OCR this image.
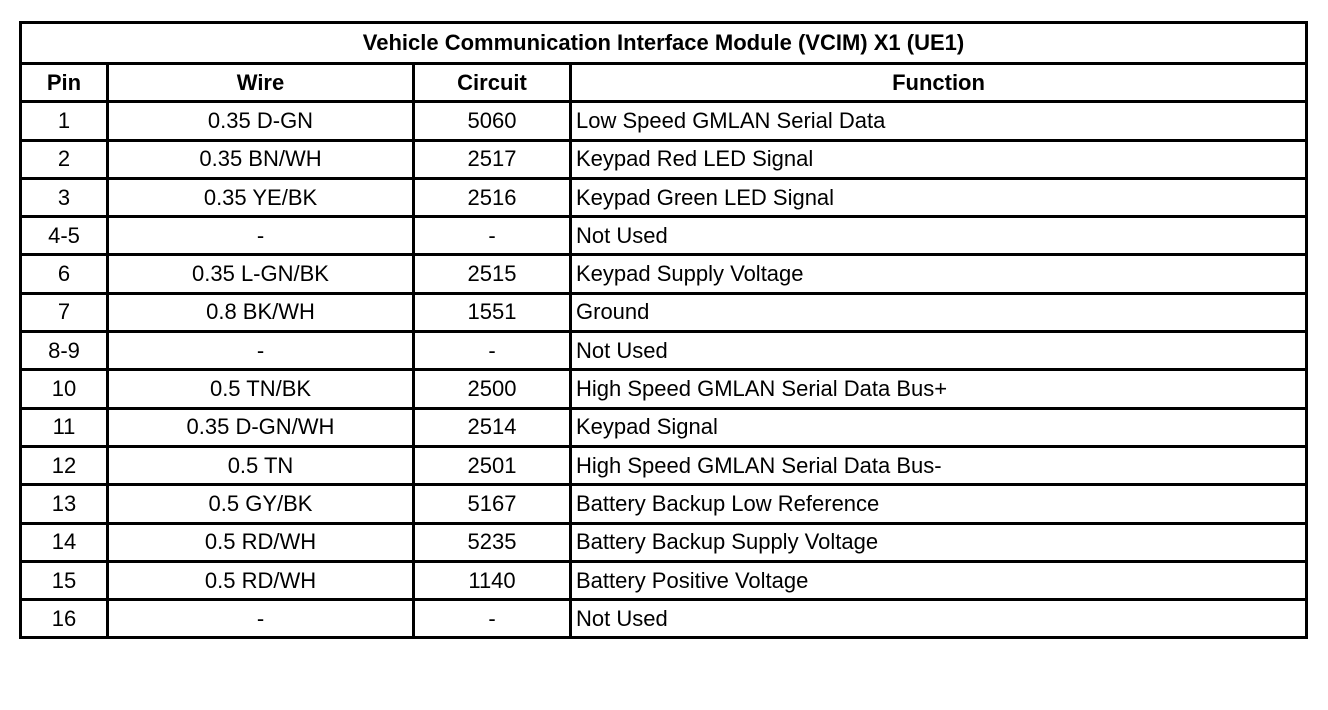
Vehicle Communication Interface Module (VCIM) X1 (UE1)			
Pin	Wire	Circuit	Function
1	0.35 D-GN	5060	Low Speed GMLAN Serial Data
2	0.35 BN/WH	2517	Keypad Red LED Signal
3	0.35 YE/BK	2516	Keypad Green LED Signal
4-5	-	-	Not Used
6	0.35 L-GN/BK	2515	Keypad Supply Voltage
7	0.8 BK/WH	1551	Ground
8-9	-	-	Not Used
10	0.5 TN/BK	2500	High Speed GMLAN Serial Data Bus+
11	0.35 D-GN/WH	2514	Keypad Signal
12	0.5 TN	2501	High Speed GMLAN Serial Data Bus-
13	0.5 GY/BK	5167	Battery Backup Low Reference
14	0.5 RD/WH	5235	Battery Backup Supply Voltage
15	0.5 RD/WH	1140	Battery Positive Voltage
16	-	-	Not Used
